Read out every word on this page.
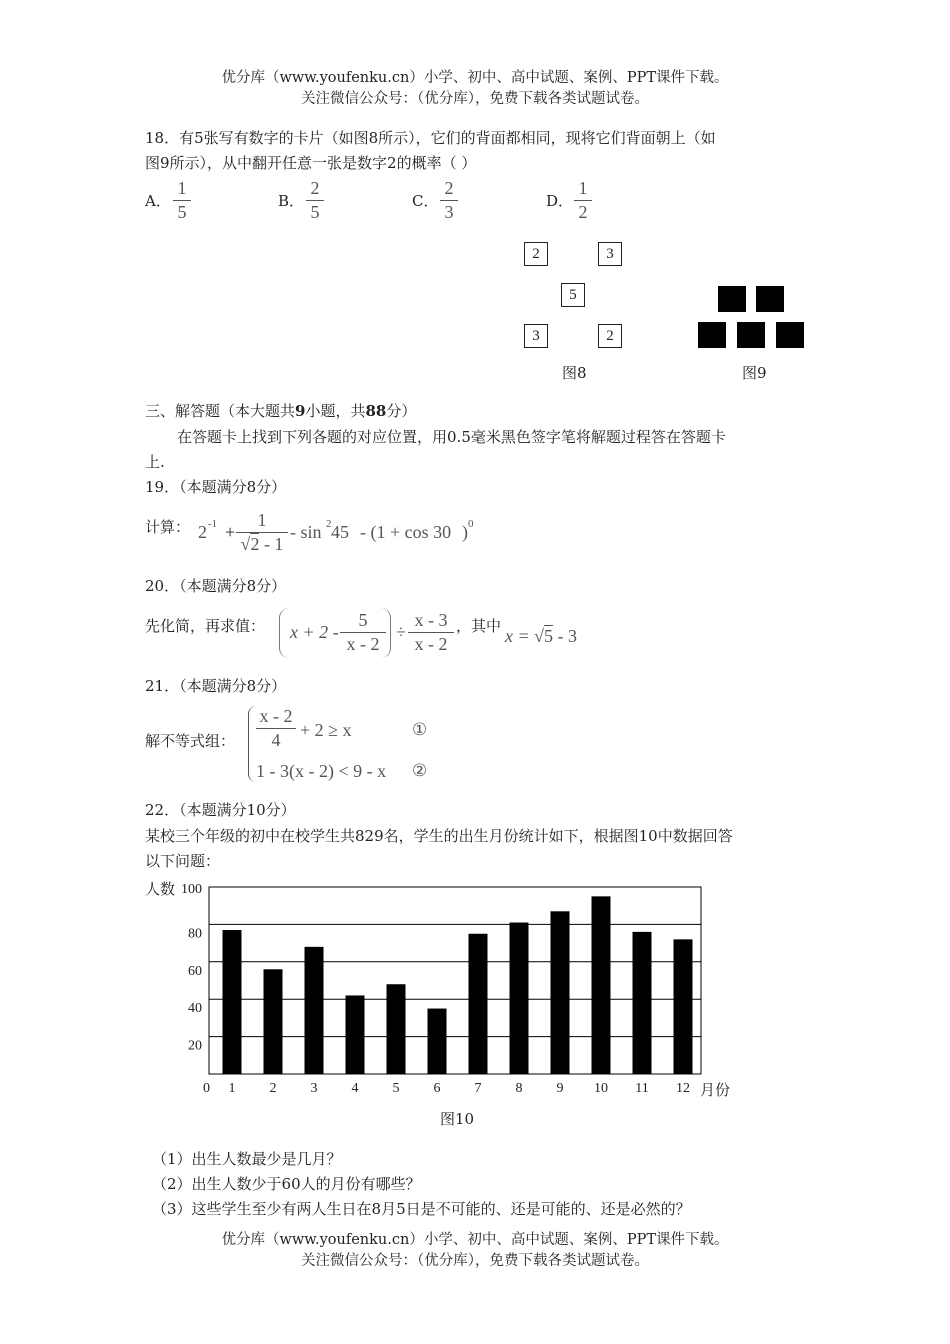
优分库（www.youfenku.cn）小学、初中、高中试题、案例、PPT课件下载。
关注微信公众号：（优分库），免费下载各类试题试卷。
18．有5张写有数字的卡片（如图8所示），它们的背面都相同，现将它们背面朝上（如
图9所示），从中翻开任意一张是数字2的概率（ ）
A．
1
5
B．
2
5
C．
2
3
D．
1
2
2	3
5
3	2
图8	图9
三、解答题（本大题共9小题，共88分）
在答题卡上找到下列各题的对应位置，用0.5毫米黑色签字笔将解题过程答在答题卡
上.
19．（本题满分8分）
计算： 2 -1 +
1
√2 - 1
- sin 2 45 - (1 + cos 30 ) 0
20．（本题满分8分）
先化简，再求值： x + 2 -
5
x - 2
÷
x - 3
x - 2
，其中 x = √5 - 3
21．（本题满分8分）
解不等式组：
x - 2
4	+ 2 ≥ x
1 - 3(x - 2) < 9 - x
①
②
22．（本题满分10分）
某校三个年级的初中在校学生共829名，学生的出生月份统计如下，根据图10中数据回答
以下问题：
人数
月份
0
20
40
60
80
100
1 2 3 4 5 6 7 8 9 10 11 12
图10
（1）出生人数最少是几月？
（2）出生人数少于60人的月份有哪些？
（3）这些学生至少有两人生日在8月5日是不可能的、还是可能的、还是必然的？
优分库（www.youfenku.cn）小学、初中、高中试题、案例、PPT课件下载。
关注微信公众号：（优分库），免费下载各类试题试卷。
